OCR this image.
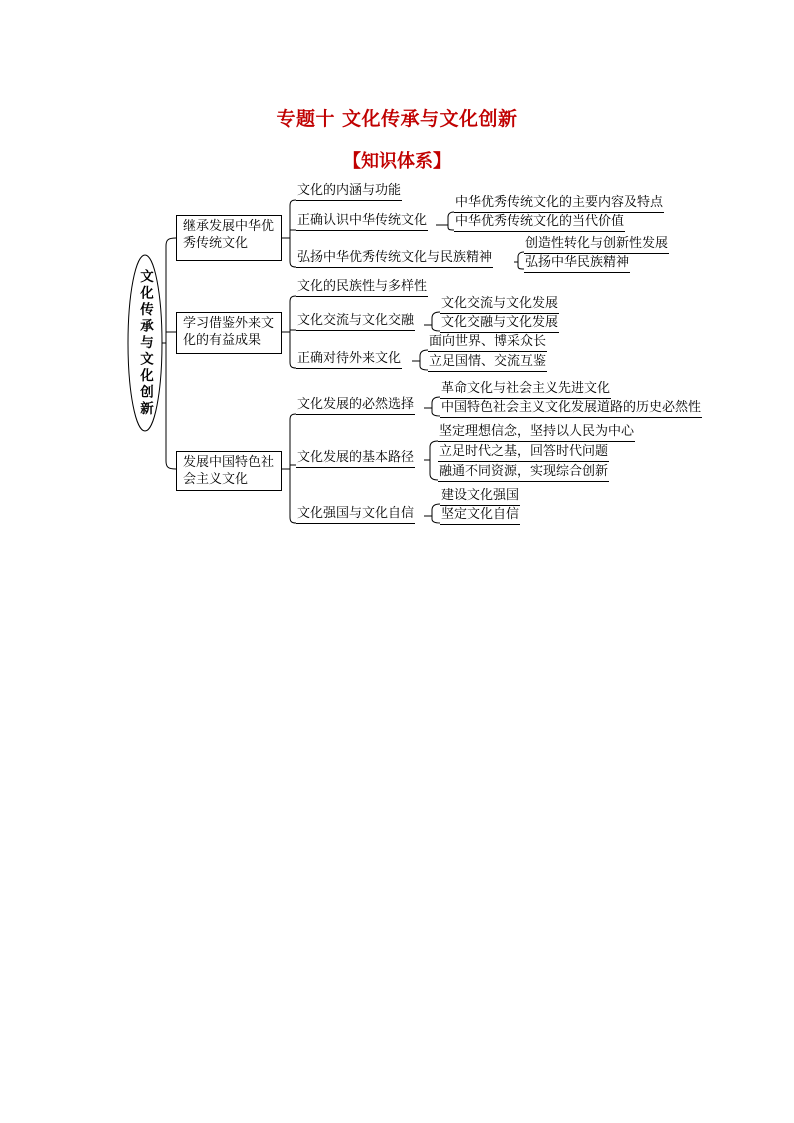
专题十 文化传承与文化创新
【知识体系】
文化传承与文化创新
继承发展中华优秀传统文化
学习借鉴外来文化的有益成果
发展中国特色社会主义文化
文化的内涵与功能
正确认识中华传统文化
中华优秀传统文化的主要内容及特点
中华优秀传统文化的当代价值
弘扬中华优秀传统文化与民族精神
创造性转化与创新性发展
弘扬中华民族精神
文化的民族性与多样性
文化交流与文化交融
文化交流与文化发展
文化交融与文化发展
正确对待外来文化
面向世界、博采众长
立足国情、交流互鉴
文化发展的必然选择
革命文化与社会主义先进文化
中国特色社会主义文化发展道路的历史必然性
文化发展的基本路径
坚定理想信念，坚持以人民为中心
立足时代之基，回答时代问题
融通不同资源，实现综合创新
文化强国与文化自信
建设文化强国
坚定文化自信
